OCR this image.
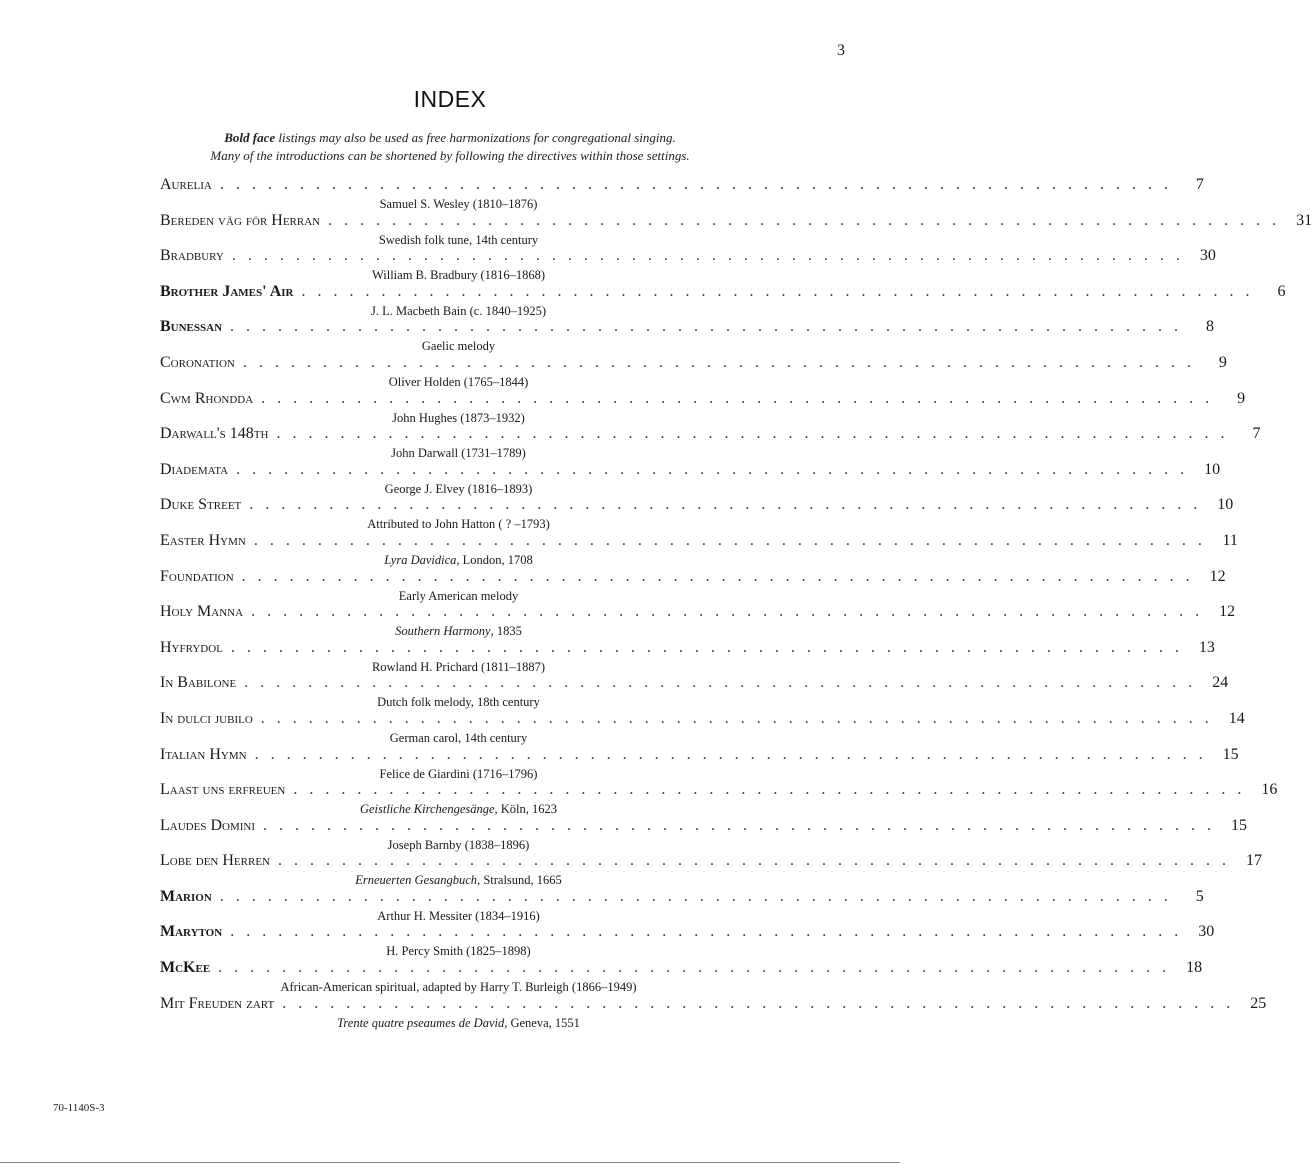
3
INDEX
Bold face listings may also be used as free harmonizations for congregational singing.
Many of the introductions can be shortened by following the directives within those settings.
Aurelia ............................................................	7
Samuel S. Wesley (1810–1876)
Bereden väg för Herran ............................................................ 31
Swedish folk tune, 14th century
Bradbury ............................................................ 30
William B. Bradbury (1816–1868)
Brother James' Air ............................................................	6
J. L. Macbeth Bain (c. 1840–1925)
Bunessan ............................................................	8
Gaelic melody
Coronation ............................................................	9
Oliver Holden (1765–1844)
Cwm Rhondda ............................................................	9
John Hughes (1873–1932)
Darwall's 148th ............................................................	7
John Darwall (1731–1789)
Diademata ............................................................ 10
George J. Elvey (1816–1893)
Duke Street ............................................................ 10
Attributed to John Hatton ( ? –1793)
Easter Hymn ............................................................ 11
Lyra Davidica, London, 1708
Foundation ............................................................ 12
Early American melody
Holy Manna ............................................................ 12
Southern Harmony, 1835
Hyfrydol ............................................................ 13
Rowland H. Prichard (1811–1887)
In Babilone ............................................................ 24
Dutch folk melody, 18th century
In dulci jubilo ............................................................ 14
German carol, 14th century
Italian Hymn ............................................................ 15
Felice de Giardini (1716–1796)
Laast uns erfreuen ............................................................ 16
Geistliche Kirchengesänge, Köln, 1623
Laudes Domini ............................................................ 15
Joseph Barnby (1838–1896)
Lobe den Herren ............................................................ 17
Erneuerten Gesangbuch, Stralsund, 1665
Marion ............................................................	5
Arthur H. Messiter (1834–1916)
Maryton ............................................................ 30
H. Percy Smith (1825–1898)
McKee ............................................................ 18
African-American spiritual, adapted by Harry T. Burleigh (1866–1949)
Mit Freuden zart ............................................................ 25
Trente quatre pseaumes de David, Geneva, 1551
70-1140S-3
